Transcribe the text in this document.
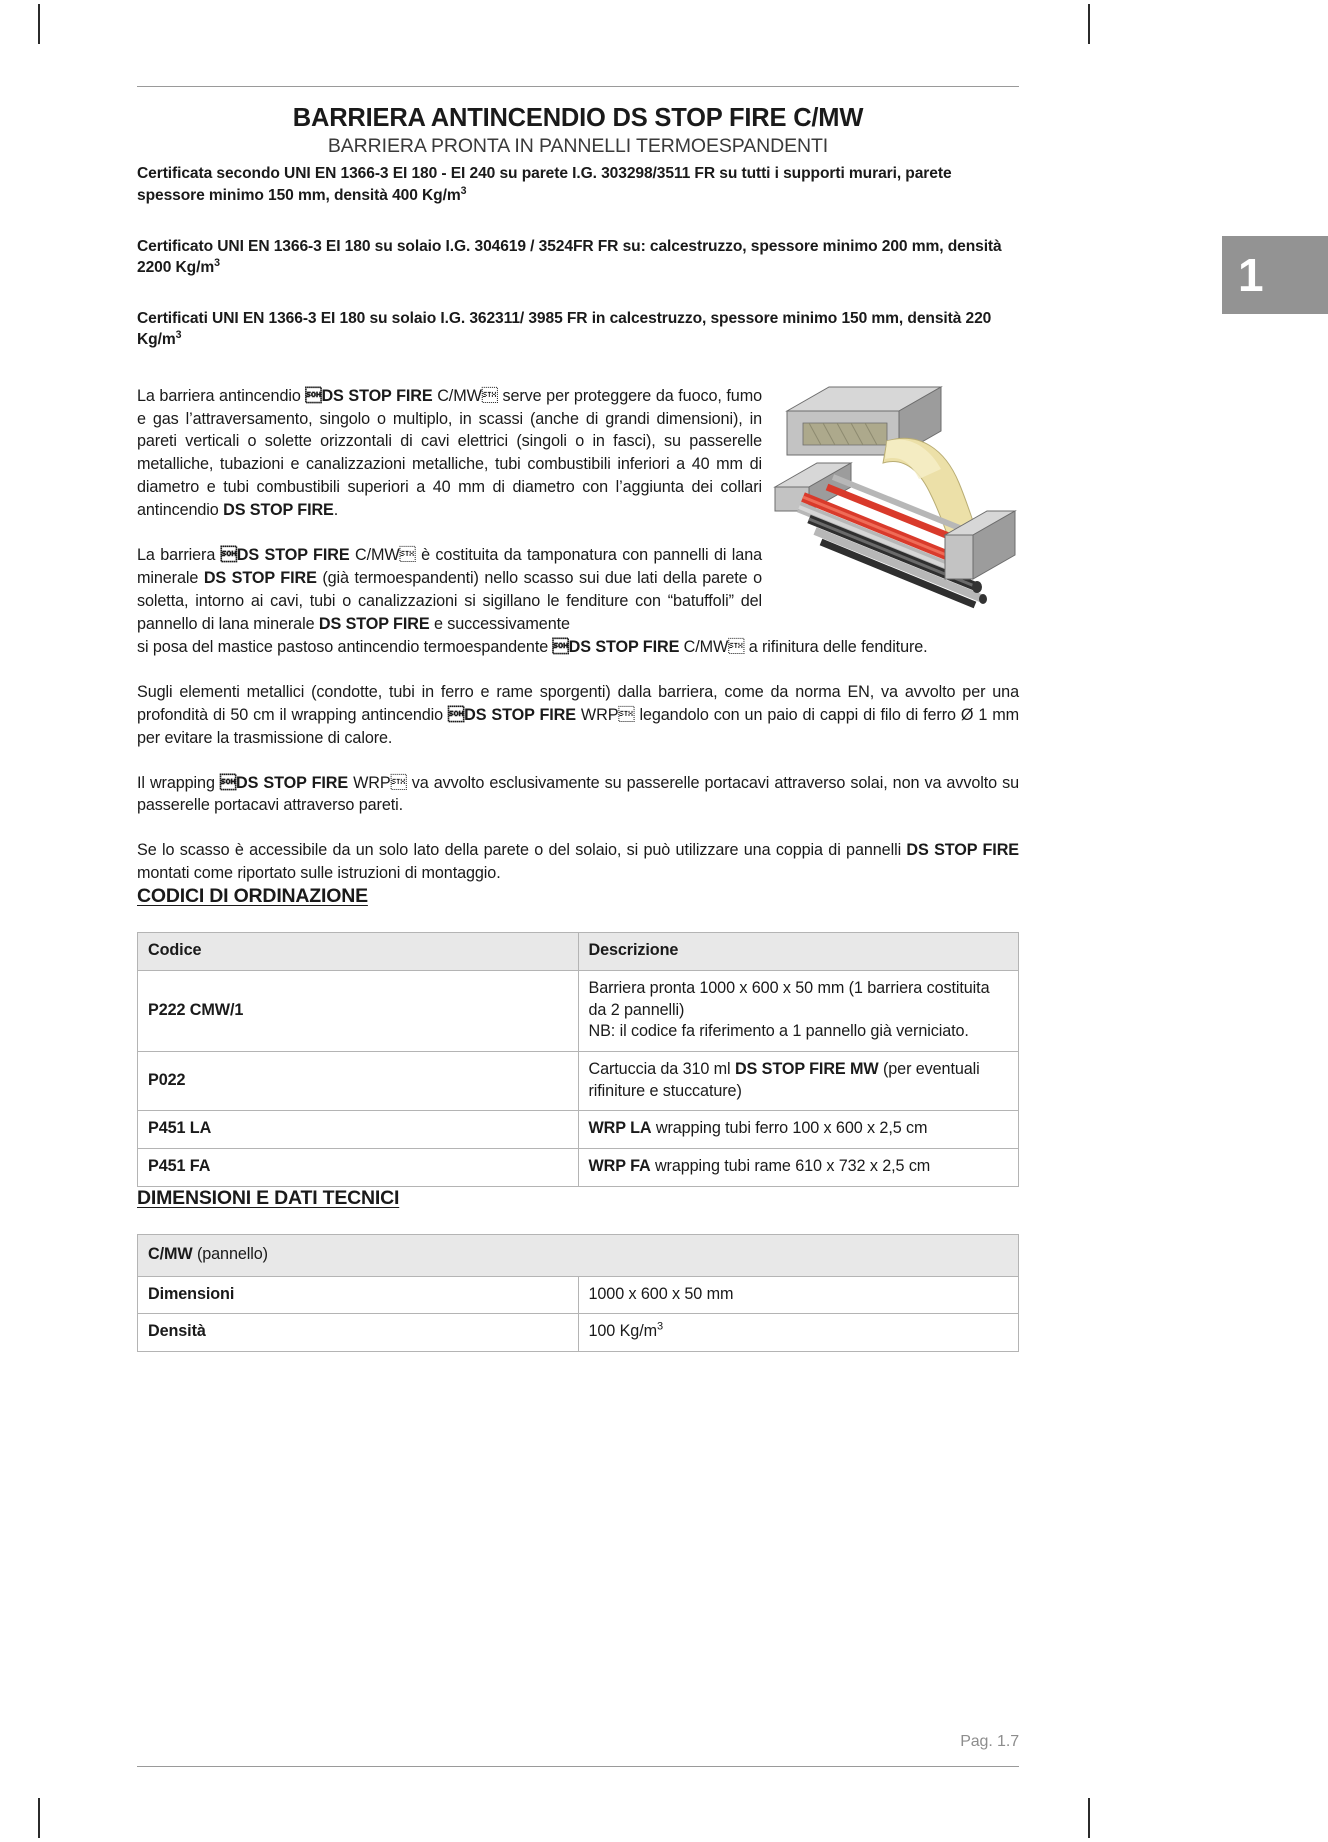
1
BARRIERA ANTINCENDIO DS STOP FIRE C/MW
BARRIERA PRONTA IN PANNELLI TERMOESPANDENTI

Certificata secondo UNI EN 1366-3 EI 180 - EI 240 su parete I.G. 303298/3511 FR su tutti i supporti murari, parete spessore minimo 150 mm, densità 400 $Kg/m^3$

Certificato UNI EN 1366-3 EI 180 su solaio I.G. 304619 / 3524FR FR su: calcestruzzo, spessore minimo 200 mm, densità 2200 $Kg/m^3$

Certificati UNI EN 1366-3 EI 180 su solaio I.G. 362311/ 3985 FR in calcestruzzo, spessore minimo 150 mm, densità 220 $Kg/m^3$

La barriera antincendio DS STOP FIRE C/MW serve per proteggere da fuoco, fumo e gas l’attraversamento, singolo o multiplo, in scassi (anche di grandi dimensioni), in pareti verticali o solette orizzontali di cavi elettrici (singoli o in fasci), su passerelle metalliche, tubazioni e canalizzazioni metalliche, tubi combustibili inferiori a 40 mm di diametro e tubi combustibili superiori a 40 mm di diametro con l’aggiunta dei collari antincendio DS STOP FIRE.

La barriera DS STOP FIRE C/MW è costituita da tamponatura con pannelli di lana minerale DS STOP FIRE (già termoespandenti) nello scasso sui due lati della parete o soletta, intorno ai cavi, tubi o canalizzazioni si sigillano le fenditure con “batuffoli” del pannello di lana minerale DS STOP FIRE e successivamente

si posa del mastice pastoso antincendio termoespandente DS STOP FIRE C/MW a rifinitura delle fenditure.

Sugli elementi metallici (condotte, tubi in ferro e rame sporgenti) dalla barriera, come da norma EN, va avvolto per una profondità di 50 cm il wrapping antincendio DS STOP FIRE WRP legandolo con un paio di cappi di filo di ferro Ø 1 mm per evitare la trasmissione di calore.

Il wrapping DS STOP FIRE WRP va avvolto esclusivamente su passerelle portacavi attraverso solai, non va avvolto su passerelle portacavi attraverso pareti.

Se lo scasso è accessibile da un solo lato della parete o del solaio, si può utilizzare una coppia di pannelli DS STOP FIRE montati come riportato sulle istruzioni di montaggio.

CODICI DI ORDINAZIONE
Codice	Descrizione
P222 CMW/1	Barriera pronta 1000 x 600 x 50 mm (1 barriera costituita da 2 pannelli)
NB: il codice fa riferimento a 1 pannello già verniciato.

P022	Cartuccia da 310 ml DS STOP FIRE MW (per eventuali rifiniture e stuccature)
P451 LA	WRP LA wrapping tubi ferro 100 x 600 x 2,5 cm
P451 FA	WRP FA wrapping tubi rame 610 x 732 x 2,5 cm
DIMENSIONI E DATI TECNICI
C/MW (pannello)	
Dimensioni	1000 x 600 x 50 mm
Densità	100 $Kg/m^3$
Pag. 1.7
